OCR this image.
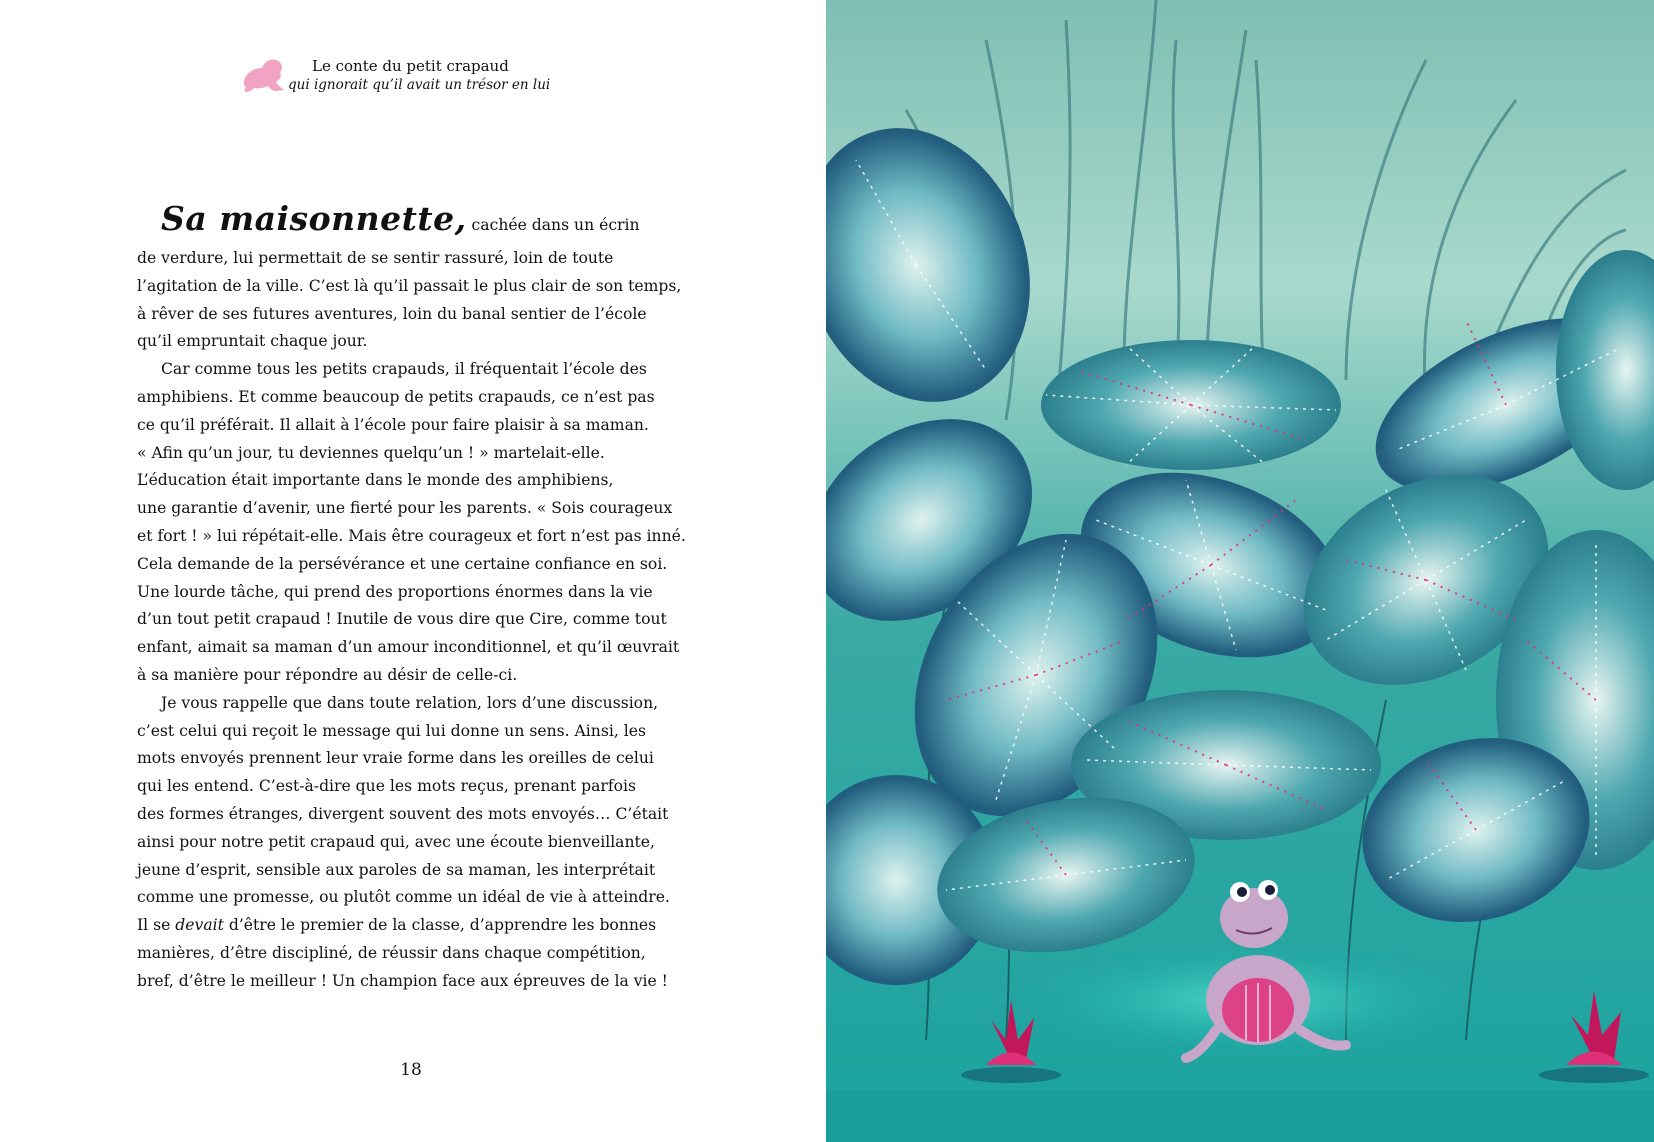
Le conte du petit crapaud
qui ignorait qu’il avait un trésor en lui
Sa maisonnette, cachée dans un écrin
de verdure, lui permettait de se sentir rassuré, loin de toute
l’agitation de la ville. C’est là qu’il passait le plus clair de son temps,
à rêver de ses futures aventures, loin du banal sentier de l’école
qu’il empruntait chaque jour.
Car comme tous les petits crapauds, il fréquentait l’école des
amphibiens. Et comme beaucoup de petits crapauds, ce n’est pas
ce qu’il préférait. Il allait à l’école pour faire plaisir à sa maman.
« Afin qu’un jour, tu deviennes quelqu’un ! » martelait-elle.
L’éducation était importante dans le monde des amphibiens,
une garantie d’avenir, une fierté pour les parents. « Sois courageux
et fort ! » lui répétait-elle. Mais être courageux et fort n’est pas inné.
Cela demande de la persévérance et une certaine confiance en soi.
Une lourde tâche, qui prend des proportions énormes dans la vie
d’un tout petit crapaud ! Inutile de vous dire que Cire, comme tout
enfant, aimait sa maman d’un amour inconditionnel, et qu’il œuvrait
à sa manière pour répondre au désir de celle-ci.
Je vous rappelle que dans toute relation, lors d’une discussion,
c’est celui qui reçoit le message qui lui donne un sens. Ainsi, les
mots envoyés prennent leur vraie forme dans les oreilles de celui
qui les entend. C’est-à-dire que les mots reçus, prenant parfois
des formes étranges, divergent souvent des mots envoyés… C’était
ainsi pour notre petit crapaud qui, avec une écoute bienveillante,
jeune d’esprit, sensible aux paroles de sa maman, les interprétait
comme une promesse, ou plutôt comme un idéal de vie à atteindre.
Il se devait d’être le premier de la classe, d’apprendre les bonnes
manières, d’être discipliné, de réussir dans chaque compétition,
bref, d’être le meilleur ! Un champion face aux épreuves de la vie !
18
